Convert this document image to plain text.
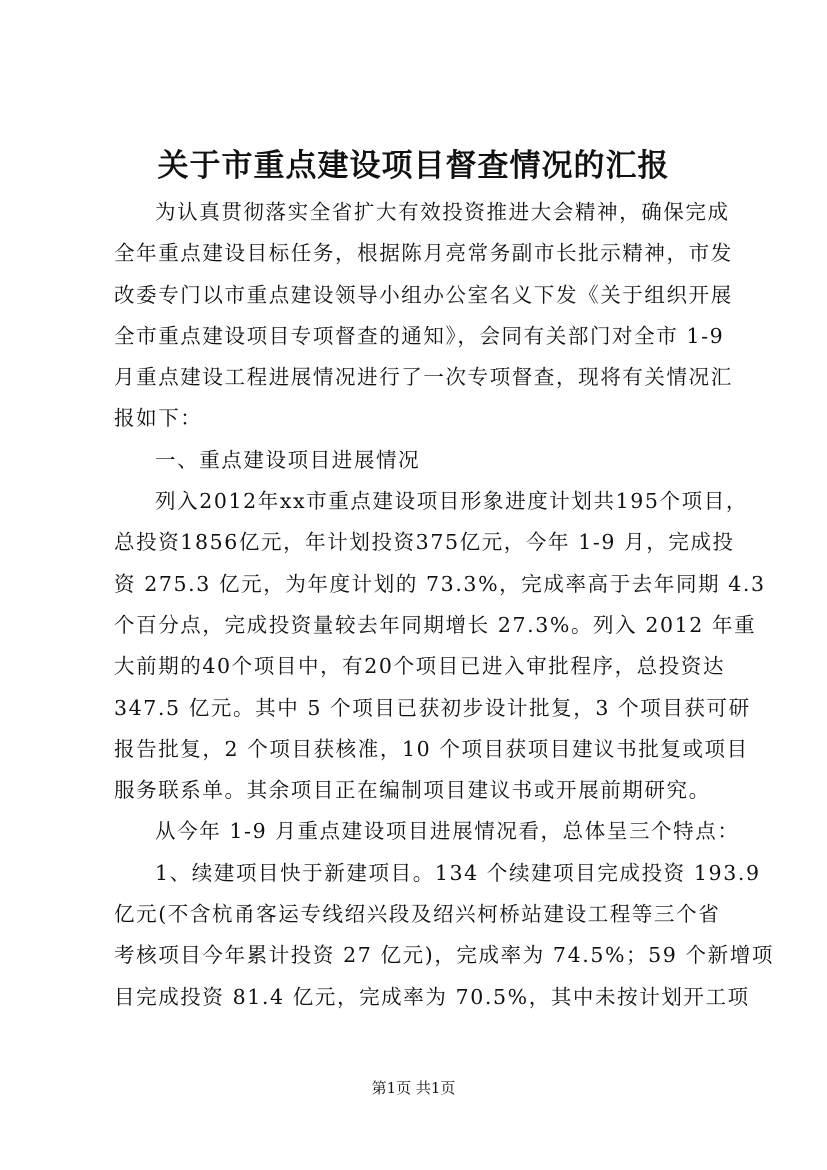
关于市重点建设项目督查情况的汇报
为认真贯彻落实全省扩大有效投资推进大会精神，确保完成
全年重点建设目标任务，根据陈月亮常务副市长批示精神，市发
改委专门以市重点建设领导小组办公室名义下发《关于组织开展
全市重点建设项目专项督查的通知》，会同有关部门对全市 1-9
月重点建设工程进展情况进行了一次专项督查，现将有关情况汇
报如下：
一、重点建设项目进展情况
列入2012年xx市重点建设项目形象进度计划共195个项目，
总投资1856亿元，年计划投资375亿元，今年 1-9 月，完成投
资 275.3 亿元，为年度计划的 73.3%，完成率高于去年同期 4.3
个百分点，完成投资量较去年同期增长 27.3%。列入 2012 年重
大前期的40个项目中，有20个项目已进入审批程序，总投资达
347.5 亿元。其中 5 个项目已获初步设计批复，3 个项目获可研
报告批复，2 个项目获核准，10 个项目获项目建议书批复或项目
服务联系单。其余项目正在编制项目建议书或开展前期研究。
从今年 1-9 月重点建设项目进展情况看，总体呈三个特点：
1、续建项目快于新建项目。134 个续建项目完成投资 193.9
亿元(不含杭甬客运专线绍兴段及绍兴柯桥站建设工程等三个省
考核项目今年累计投资 27 亿元)，完成率为 74.5%；59 个新增项
目完成投资 81.4 亿元，完成率为 70.5%，其中未按计划开工项
第1页 共1页
